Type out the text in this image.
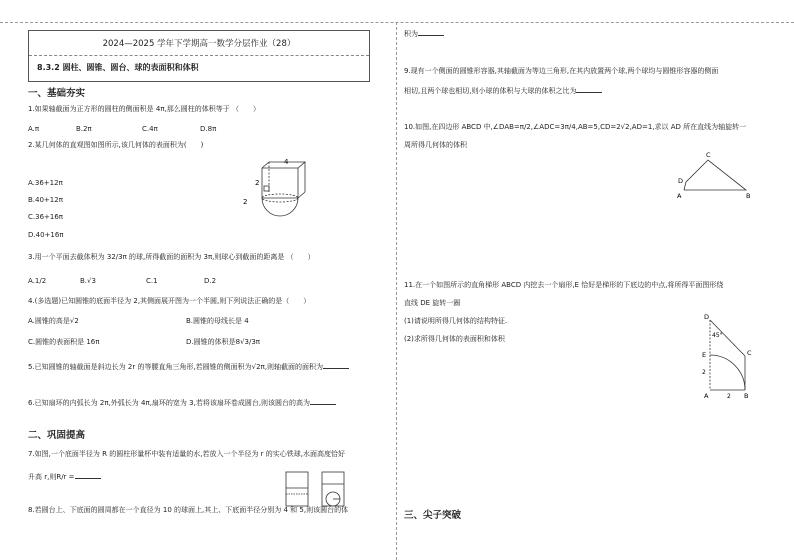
2024—2025 学年下学期高一数学分层作业（28）
8.3.2 圆柱、圆锥、圆台、球的表面积和体积
一、基础夯实
1.如果轴截面为正方形的圆柱的侧面积是 4π,那么圆柱的体积等于 （　　）
A.π	B.2π	C.4π	D.8π
2.某几何体的直观图如图所示,该几何体的表面积为(　　)
A.36+12π
B.40+12π
C.36+16π
D.40+16π
4
2
2
3.用一个平面去截体积为 32/3π 的球,所得截面的面积为 3π,则球心到截面的距离是 （　　）
A.1/2	B.√3	C.1	D.2
4.(多选题)已知圆锥的底面半径为 2,其侧面展开图为一个半圆,则下列说法正确的是（　　）
A.圆锥的高是√2	B.圆锥的母线长是 4
C.圆锥的表面积是 16π	D.圆锥的体积是8√3/3π
5.已知圆锥的轴截面是斜边长为 2r 的等腰直角三角形,若圆锥的侧面积为√2π,则轴截面的面积为
6.已知扇环的内弧长为 2π,外弧长为 4π,扇环的宽为 3,若将该扇环卷成圆台,则该圆台的高为
二、巩固提高
7.如图,一个底面半径为 R 的圆柱形量杯中装有适量的水,若放入一个半径为 r 的实心铁球,水面高度恰好
升高 r,则R/r =
8.若圆台上、下底面的圆周都在一个直径为 10 的球面上,其上、下底面半径分别为 4 和 5,则该圆台的体
积为
9.现有一个侧面的圆锥形容器,其轴截面为等边三角形,在其内放置两个球,两个球均与圆锥形容器的侧面
相切,且两个球也相切,则小球的体积与大球的体积之比为
10.如图,在四边形 ABCD 中,∠DAB=π/2,∠ADC=3π/4,AB=5,CD=2√2,AD=1,求以 AD 所在直线为轴旋转一
周所得几何体的体积
C
D
A	B
11.在一个如图所示的直角梯形 ABCD 内挖去一个扇形,E 恰好是梯形的下底边的中点,将所得平面图形绕
直线 DE 旋转一圈
(1)请说明所得几何体的结构特征.
(2)求所得几何体的表面积和体积
D
45°
E	C
A
2
2 B
三、尖子突破
